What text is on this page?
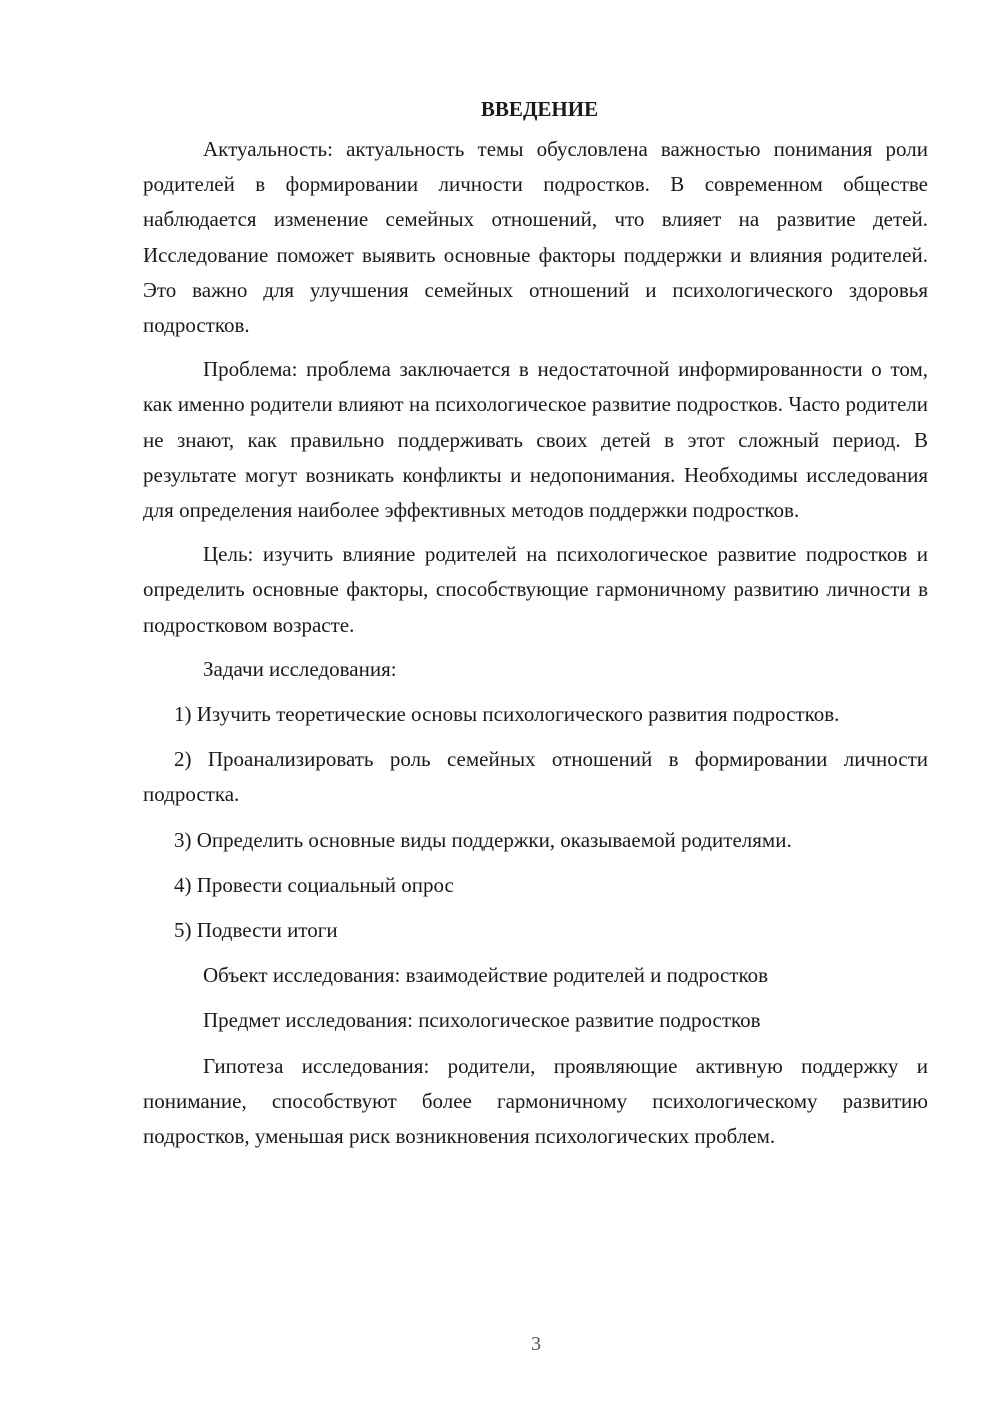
ВВЕДЕНИЕ

Актуальность: актуальность темы обусловлена важностью понимания роли родителей в формировании личности подростков. В современном обществе наблюдается изменение семейных отношений, что влияет на развитие детей. Исследование поможет выявить основные факторы поддержки и влияния родителей. Это важно для улучшения семейных отношений и психологического здоровья подростков.

Проблема: проблема заключается в недостаточной информированности о том, как именно родители влияют на психологическое развитие подростков. Часто родители не знают, как правильно поддерживать своих детей в этот сложный период. В результате могут возникать конфликты и недопонимания. Необходимы исследования для определения наиболее эффективных методов поддержки подростков.

Цель: изучить влияние родителей на психологическое развитие подростков и определить основные факторы, способствующие гармоничному развитию личности в подростковом возрасте.

Задачи исследования:

1) Изучить теоретические основы психологического развития подростков.

2) Проанализировать роль семейных отношений в формировании личности подростка.

3) Определить основные виды поддержки, оказываемой родителями.

4) Провести социальный опрос

5) Подвести итоги

Объект исследования: взаимодействие родителей и подростков

Предмет исследования: психологическое развитие подростков

Гипотеза исследования: родители, проявляющие активную поддержку и понимание, способствуют более гармоничному психологическому развитию подростков, уменьшая риск возникновения психологических проблем.

3
